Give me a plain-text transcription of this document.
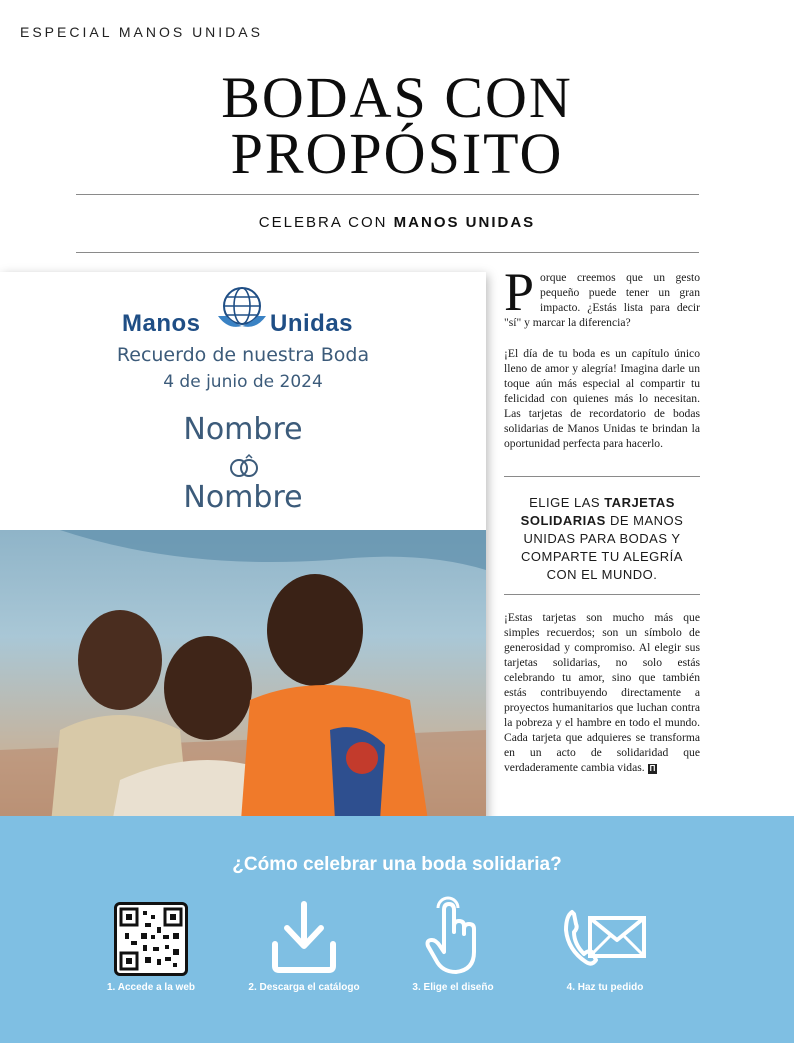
ESPECIAL MANOS UNIDAS
BODAS CON
PROPÓSITO
CELEBRA CON MANOS UNIDAS
Manos	Unidas
Recuerdo de nuestra Boda
4 de junio de 2024
Nombre
Nombre
P orque creemos que un gesto pequeño puede tener un gran impacto. ¿Estás lista para decir "sí" y marcar la diferencia?
¡El día de tu boda es un capítulo único lleno de amor y alegría! Imagina darle un toque aún más especial al compartir tu felicidad con quienes más lo necesitan. Las tarjetas de recordatorio de bodas solidarias de Manos Unidas te brindan la oportunidad perfecta para hacerlo.
ELIGE LAS TARJETAS SOLIDARIAS DE MANOS UNIDAS PARA BODAS Y COMPARTE TU ALEGRÍA CON EL MUNDO.
¡Estas tarjetas son mucho más que simples recuerdos; son un símbolo de generosidad y compromiso. Al elegir sus tarjetas solidarias, no solo estás celebrando tu amor, sino que también estás contribuyendo directamente a proyectos humanitarios que luchan contra la pobreza y el hambre en todo el mundo. Cada tarjeta que adquieres se transforma en un acto de solidaridad que verdaderamente cambia vidas. П
¿Cómo celebrar una boda solidaria?
1. Accede a la web	2. Descarga el catálogo	3. Elige el diseño	4. Haz tu pedido
